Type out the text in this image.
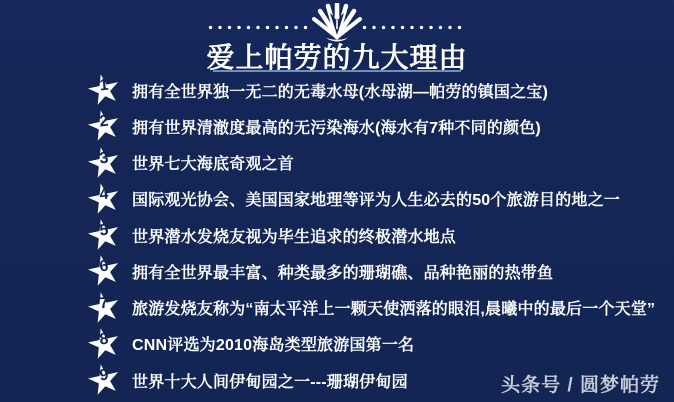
爱上帕劳的九大理由
1	拥有全世界独一无二的无毒水母(水母湖—帕劳的镇国之宝)
2	拥有世界清澈度最高的无污染海水(海水有7种不同的颜色)
3	世界七大海底奇观之首
4	国际观光协会、美国国家地理等评为人生必去的50个旅游目的地之一
5	世界潜水发烧友视为毕生追求的终极潜水地点
6	拥有全世界最丰富、种类最多的珊瑚礁、品种艳丽的热带鱼
7	旅游发烧友称为“南太平洋上一颗天使洒落的眼泪,晨曦中的最后一个天堂”
8	CNN评选为2010海岛类型旅游国第一名
9	世界十大人间伊甸园之一---珊瑚伊甸园	头条号 / 圆梦帕劳
